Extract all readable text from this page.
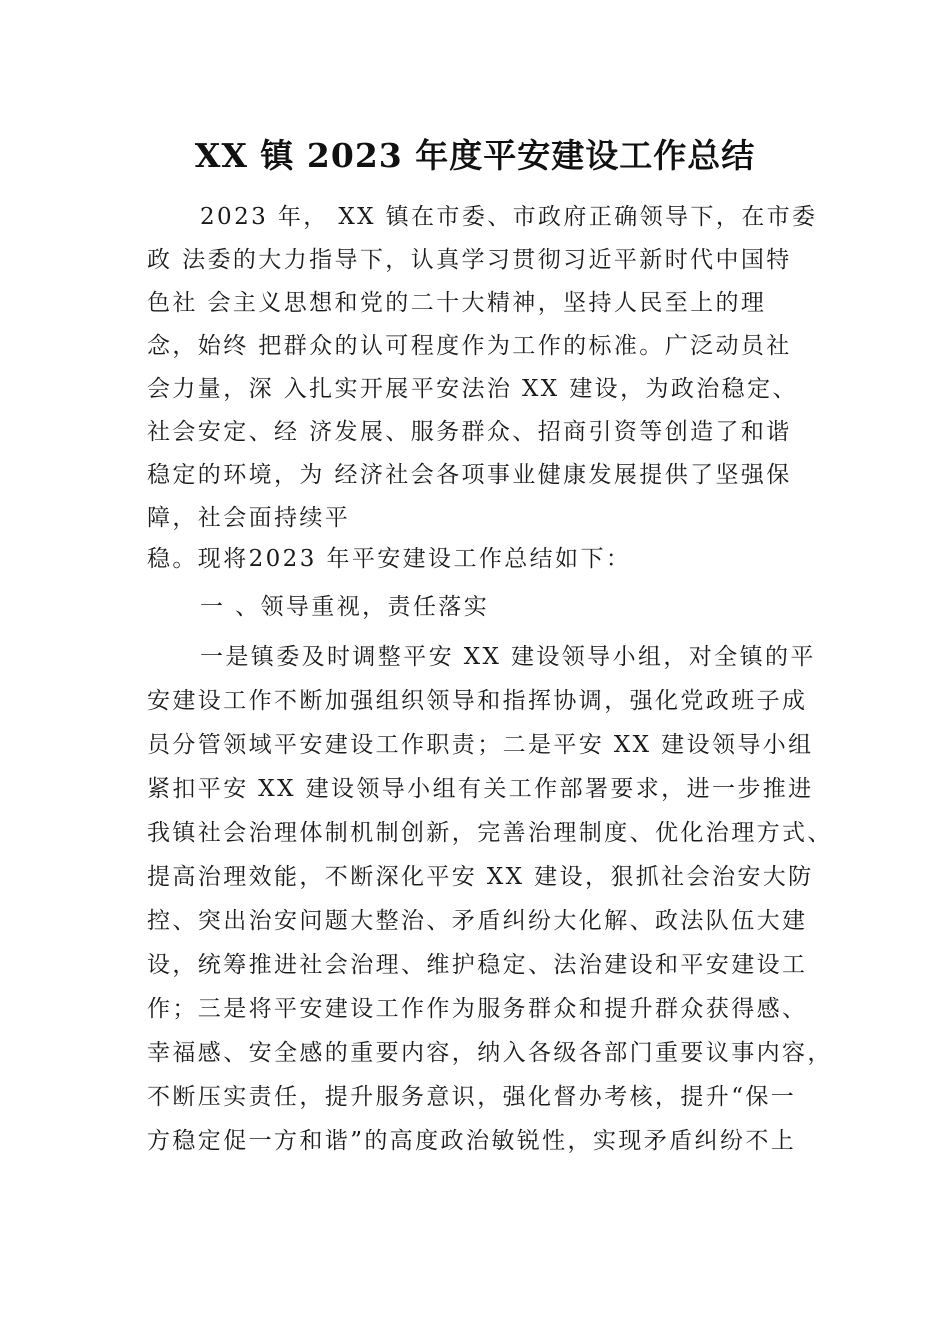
XX 镇 2023 年度平安建设工作总结
2023 年， XX 镇在市委、市政府正确领导下，在市委
政 法委的大力指导下，认真学习贯彻习近平新时代中国特
色社 会主义思想和党的二十大精神，坚持人民至上的理
念，始终 把群众的认可程度作为工作的标准。广泛动员社
会力量，深 入扎实开展平安法治 XX 建设，为政治稳定、
社会安定、经 济发展、服务群众、招商引资等创造了和谐
稳定的环境，为 经济社会各项事业健康发展提供了坚强保
障，社会面持续平
稳。现将2023 年平安建设工作总结如下：
一 、领导重视，责任落实
一是镇委及时调整平安 XX 建设领导小组，对全镇的平
安建设工作不断加强组织领导和指挥协调，强化党政班子成
员分管领域平安建设工作职责；二是平安 XX 建设领导小组
紧扣平安 XX 建设领导小组有关工作部署要求，进一步推进
我镇社会治理体制机制创新，完善治理制度、优化治理方式、
提高治理效能，不断深化平安 XX 建设，狠抓社会治安大防
控、突出治安问题大整治、矛盾纠纷大化解、政法队伍大建
设，统筹推进社会治理、维护稳定、法治建设和平安建设工
作；三是将平安建设工作作为服务群众和提升群众获得感、
幸福感、安全感的重要内容，纳入各级各部门重要议事内容，
不断压实责任，提升服务意识，强化督办考核，提升“保一
方稳定促一方和谐”的高度政治敏锐性，实现矛盾纠纷不上
